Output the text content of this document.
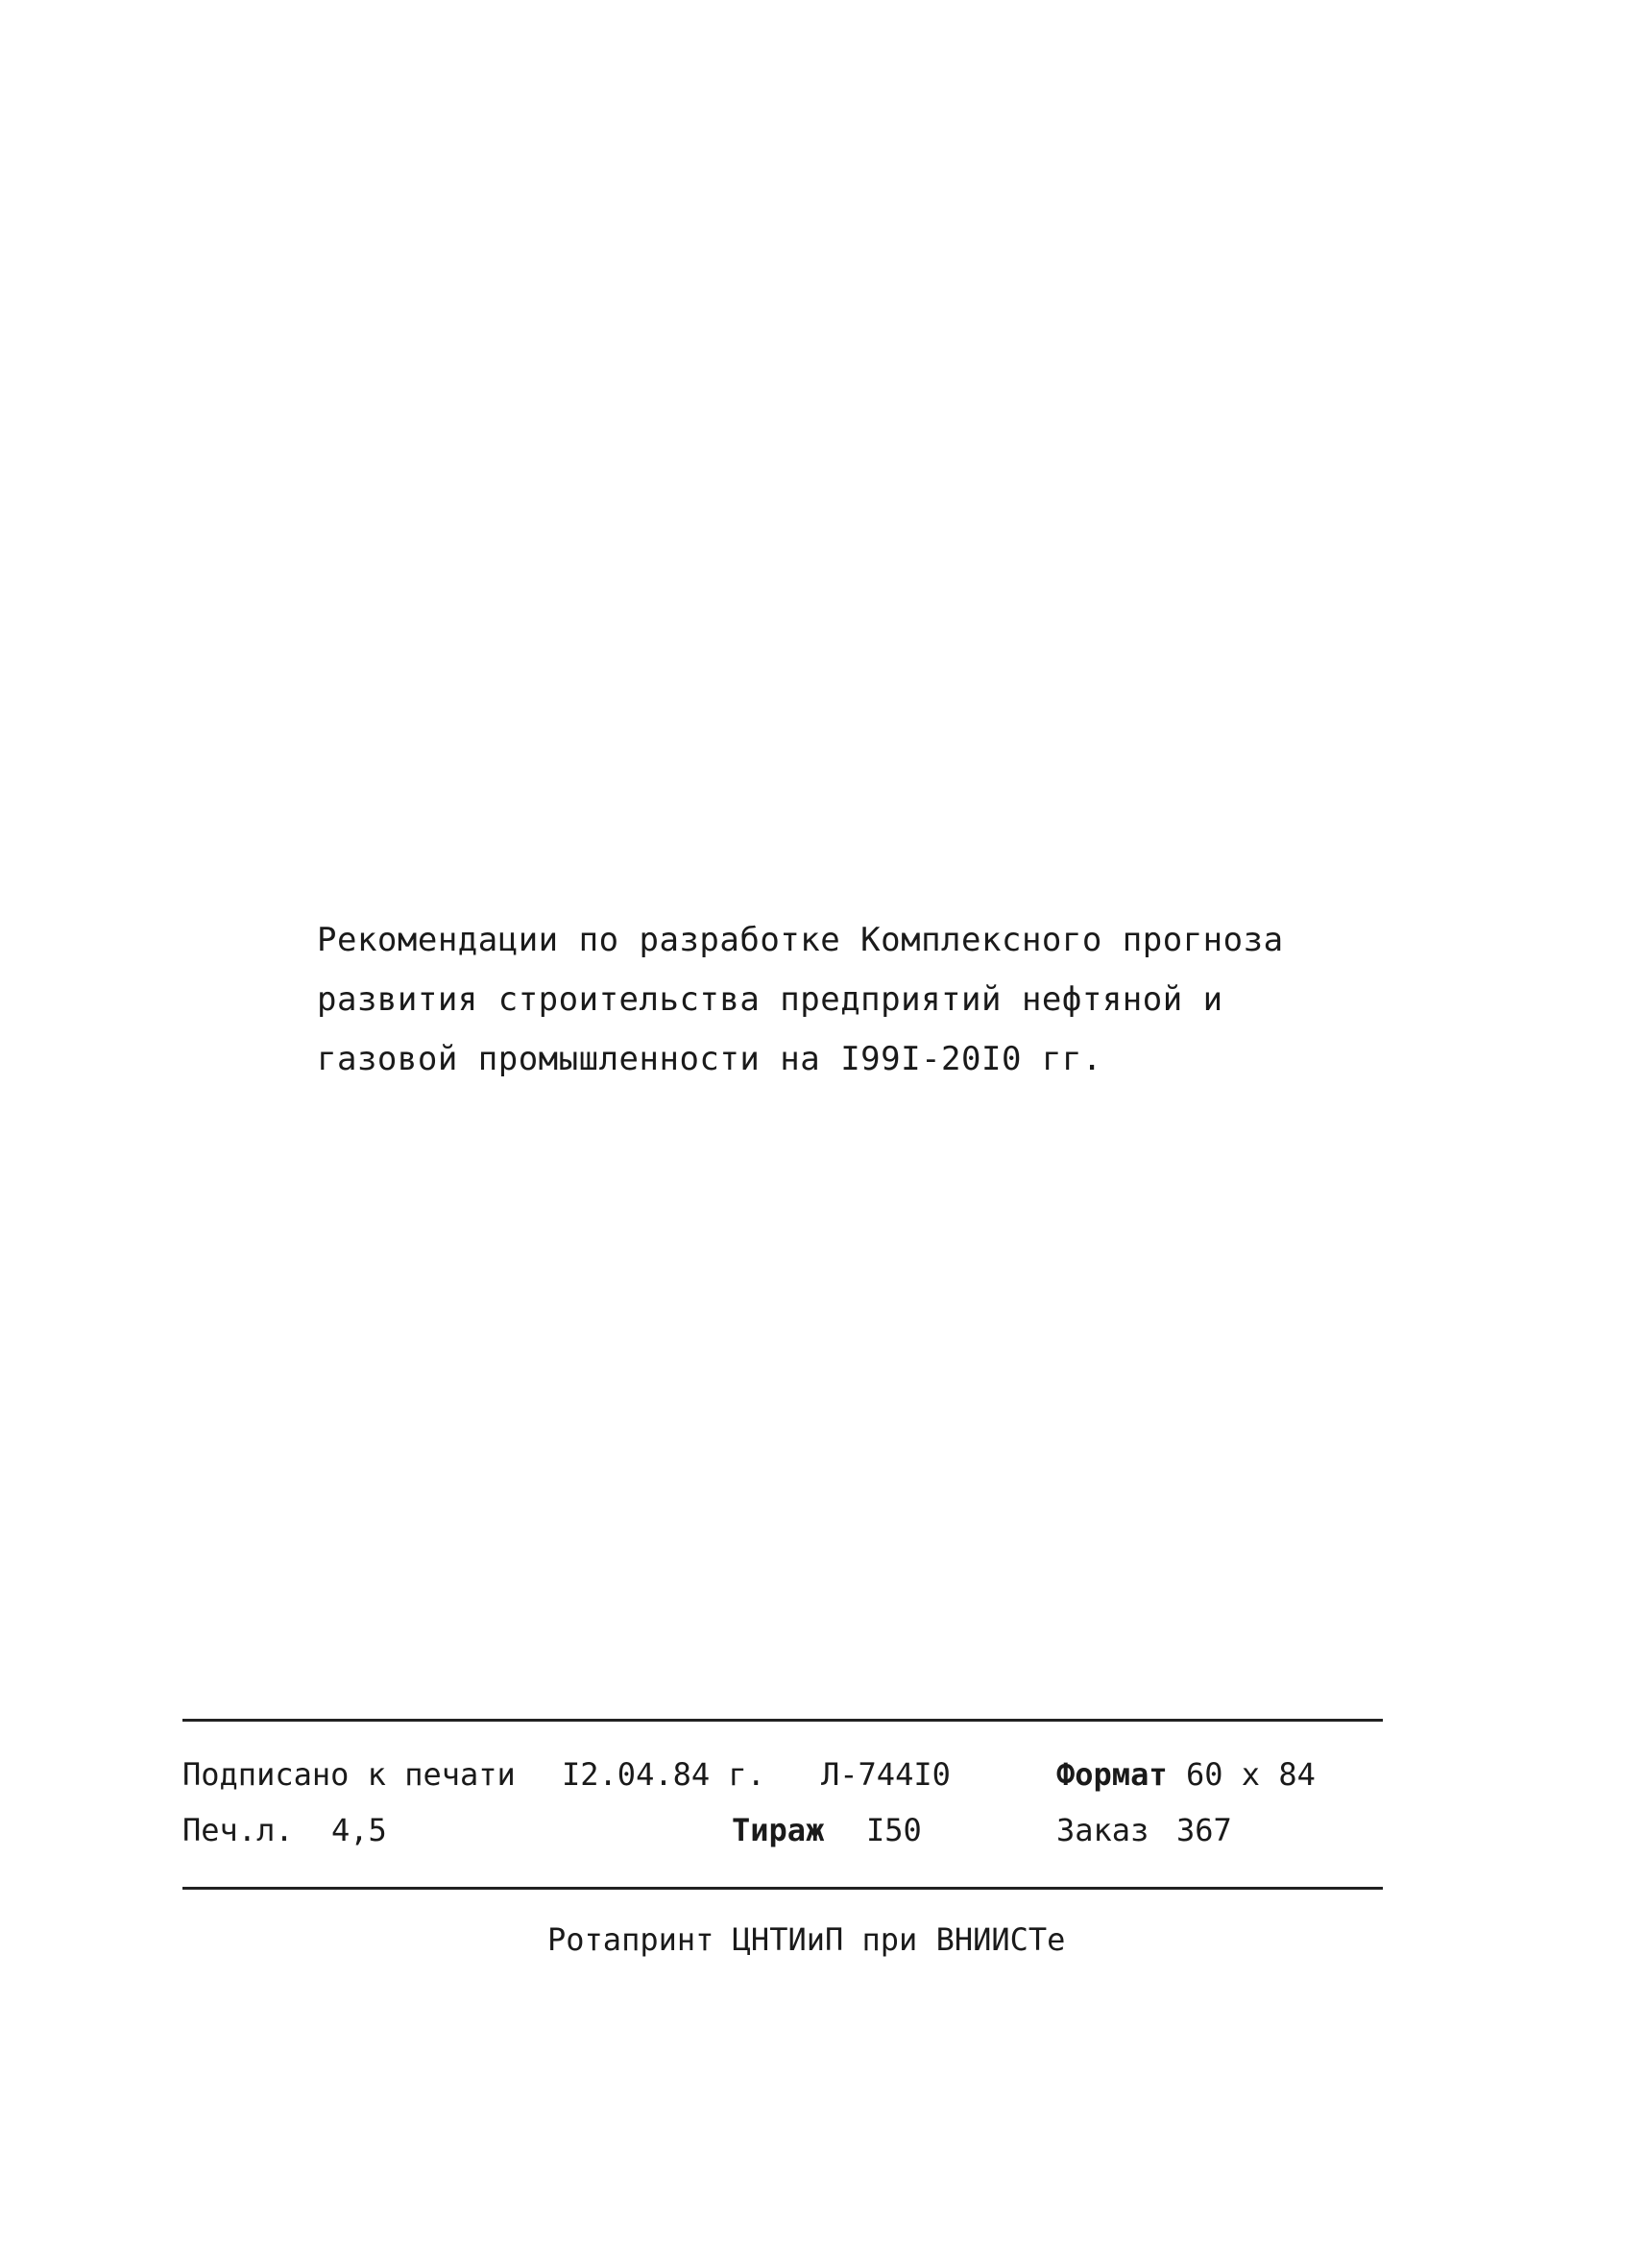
Рекомендации по разработке Комплексного прогноза
развития строительства предприятий нефтяной и
газовой промышленности на I99I-20I0 гг.
Подписано к печати I2.04.84 г. Л-744I0	Формат 60 х 84
Печ.л. 4,5	Тираж I50	Заказ 367
Ротапринт ЦНТИиП при ВНИИСТе
